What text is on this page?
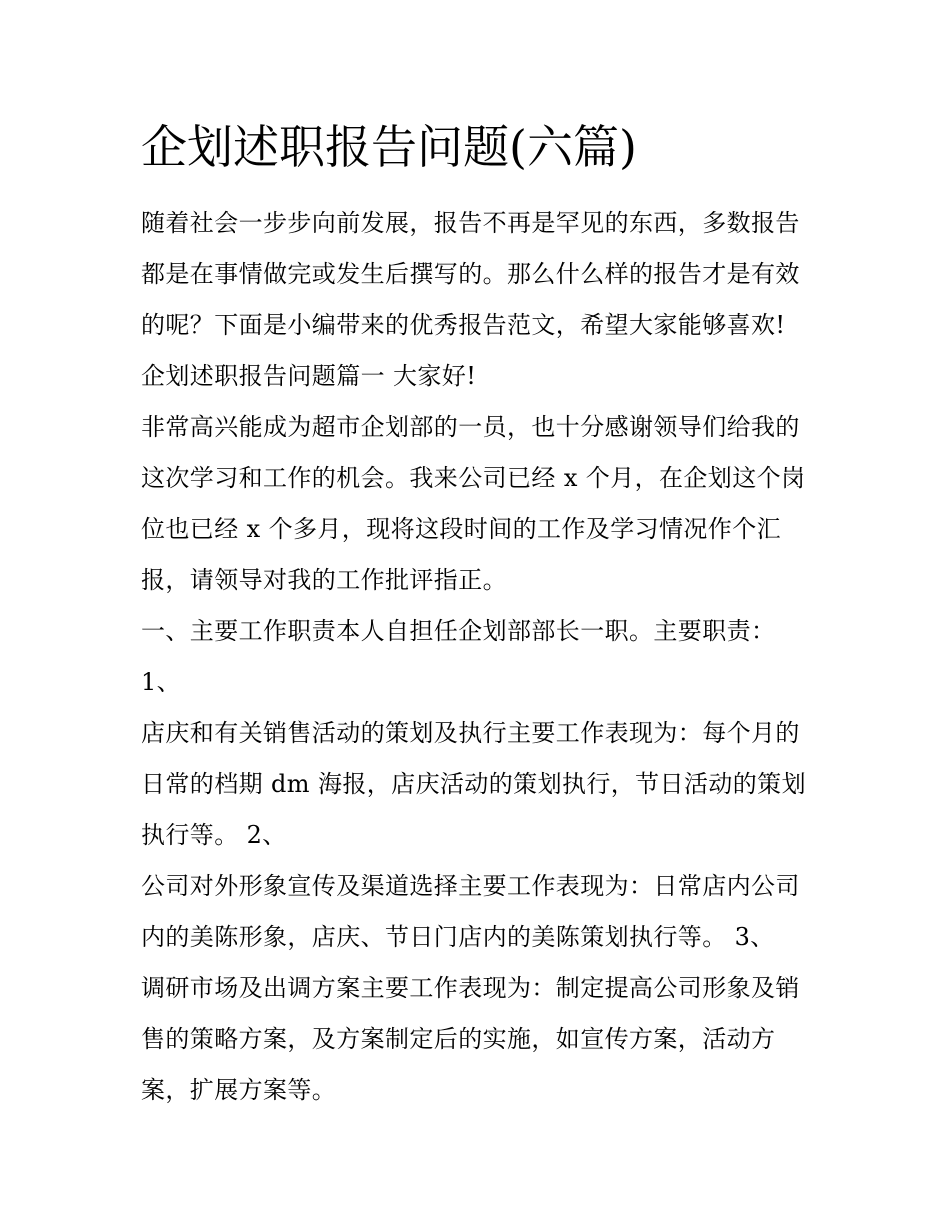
企划述职报告问题(六篇)
随着社会一步步向前发展，报告不再是罕见的东西，多数报告
都是在事情做完或发生后撰写的。那么什么样的报告才是有效
的呢？下面是小编带来的优秀报告范文，希望大家能够喜欢!
企划述职报告问题篇一 大家好!
非常高兴能成为超市企划部的一员，也十分感谢领导们给我的
这次学习和工作的机会。我来公司已经 x 个月，在企划这个岗
位也已经 x 个多月，现将这段时间的工作及学习情况作个汇
报，请领导对我的工作批评指正。
一、主要工作职责本人自担任企划部部长一职。主要职责：
1、
店庆和有关销售活动的策划及执行主要工作表现为：每个月的
日常的档期 dm 海报，店庆活动的策划执行，节日活动的策划
执行等。 2、
公司对外形象宣传及渠道选择主要工作表现为：日常店内公司
内的美陈形象，店庆、节日门店内的美陈策划执行等。 3、
调研市场及出调方案主要工作表现为：制定提高公司形象及销
售的策略方案，及方案制定后的实施，如宣传方案，活动方
案，扩展方案等。
